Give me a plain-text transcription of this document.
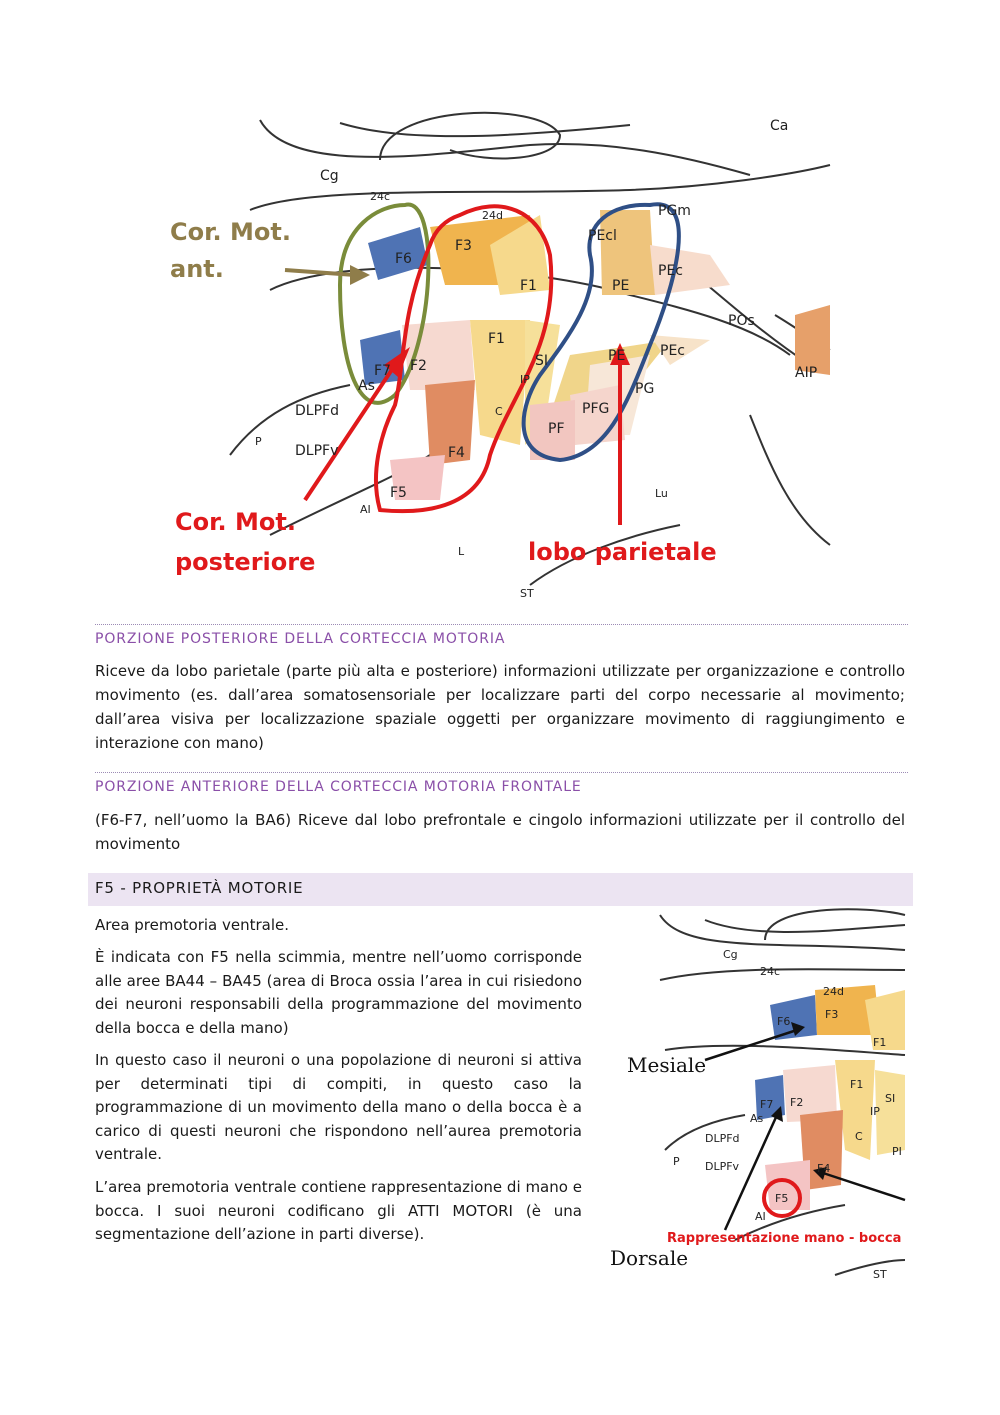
Cor. Mot.
ant.
Cor. Mot.
posteriore	lobo parietale
Ca
Cg
24c
24d	PGm
F6
F3
F1
PEcl
PE
PEc
POs
AIP
F7 F2
F1
SI	PE PEc
As	IP
C
PG
PFG
PF
DLPFd
DLPFv
P
F4
F5
AI
L
Lu
ST
PORZIONE POSTERIORE DELLA CORTECCIA MOTORIA

Riceve da lobo parietale (parte più alta e posteriore) informazioni utilizzate per organizzazione e controllo movimento (es. dall’area somatosensoriale per localizzare parti del corpo necessarie al movimento; dall’area visiva per localizzazione spaziale oggetti per organizzare movimento di raggiungimento e interazione con mano)

PORZIONE ANTERIORE DELLA CORTECCIA MOTORIA FRONTALE

(F6-F7, nell’uomo la BA6) Riceve dal lobo prefrontale e cingolo informazioni utilizzate per il controllo del movimento

F5 - PROPRIETÀ MOTORIE
Area premotoria ventrale.
È indicata con F5 nella scimmia, mentre nell’uomo corrisponde alle aree BA44 – BA45 (area di Broca ossia l’area in cui risiedono dei neuroni responsabili della programmazione del movimento della bocca e della mano)
In questo caso il neuroni o una popolazione di neuroni si attiva per determinati tipi di compiti, in questo caso la programmazione di un movimento della mano o della bocca è a carico di questi neuroni che rispondono nell’aurea premotoria ventrale.
L’area premotoria ventrale contiene rappresentazione di mano e bocca. I suoi neuroni codificano gli ATTI MOTORI (è una segmentazione dell’azione in parti diverse).
Mesiale
Dorsale
Rappresentazione mano - bocca
Cg
24c
24d
F6
F3
F1
F1
SI
IP
F7 F2
As
C
PI
DLPFd
DLPFv
P
F4
F5
AI
ST
